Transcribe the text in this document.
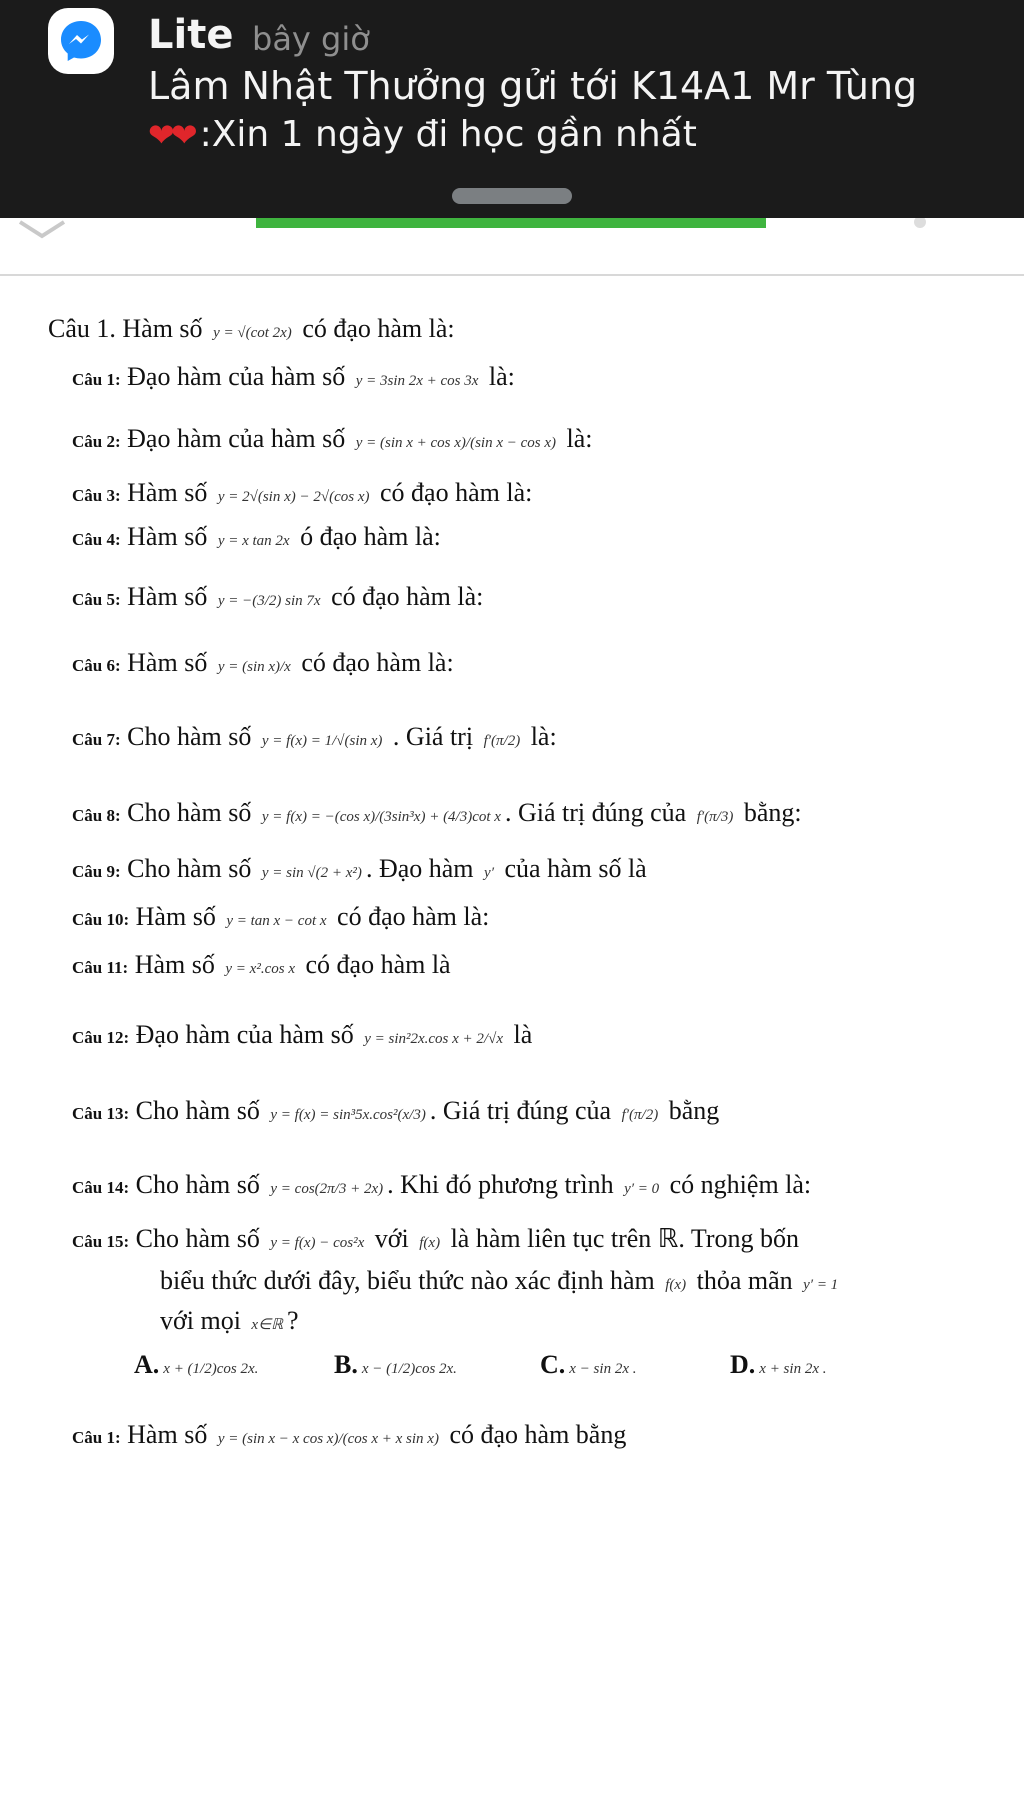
Lite bây giờ
Lâm Nhật Thưởng gửi tới K14A1 Mr Tùng
❤❤ :Xin 1 ngày đi học gần nhất
Câu 1. Hàm số y = √(cot 2x) có đạo hàm là:
Câu 1: Đạo hàm của hàm số y = 3sin 2x + cos 3x là:
Câu 2: Đạo hàm của hàm số y = (sin x + cos x)/(sin x − cos x) là:
Câu 3: Hàm số y = 2√(sin x) − 2√(cos x) có đạo hàm là:
Câu 4: Hàm số y = x tan 2x ó đạo hàm là:
Câu 5: Hàm số y = −(3/2) sin 7x có đạo hàm là:
Câu 6: Hàm số y = (sin x)/x có đạo hàm là:
Câu 7: Cho hàm số y = f(x) = 1/√(sin x) . Giá trị f′(π/2) là:
Câu 8: Cho hàm số y = f(x) = −(cos x)/(3sin³x) + (4/3)cot x . Giá trị đúng của f′(π/3) bằng:
Câu 9: Cho hàm số y = sin √(2 + x²) . Đạo hàm y′ của hàm số là
Câu 10: Hàm số y = tan x − cot x có đạo hàm là:
Câu 11: Hàm số y = x².cos x có đạo hàm là
Câu 12: Đạo hàm của hàm số y = sin²2x.cos x + 2/√x là
Câu 13: Cho hàm số y = f(x) = sin³5x.cos²(x/3) . Giá trị đúng của f′(π/2) bằng
Câu 14: Cho hàm số y = cos(2π/3 + 2x) . Khi đó phương trình y′ = 0 có nghiệm là:
Câu 15: Cho hàm số y = f(x) − cos²x với f(x) là hàm liên tục trên ℝ. Trong bốn
biểu thức dưới đây, biểu thức nào xác định hàm f(x) thỏa mãn y′ = 1
với mọi x∈ℝ ?
A. x + (1/2)cos 2x.	B. x − (1/2)cos 2x.	C. x − sin 2x .	D. x + sin 2x .
Câu 1: Hàm số y = (sin x − x cos x)/(cos x + x sin x) có đạo hàm bằng
